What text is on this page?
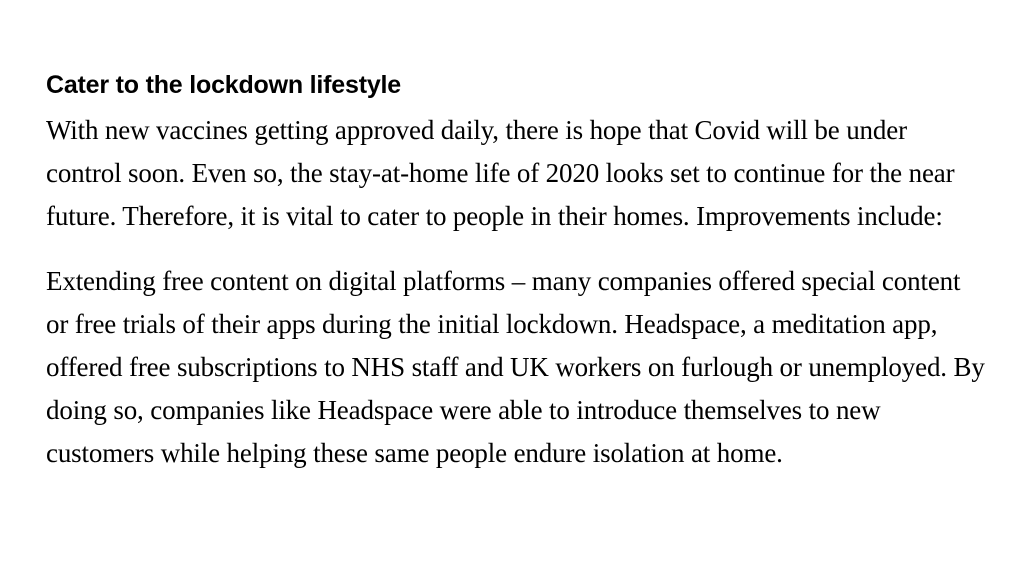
Cater to the lockdown lifestyle

With new vaccines getting approved daily, there is hope that Covid will be under control soon. Even so, the stay-at-home life of 2020 looks set to continue for the near future. Therefore, it is vital to cater to people in their homes. Improvements include:

Extending free content on digital platforms – many companies offered special content or free trials of their apps during the initial lockdown. Headspace, a meditation app, offered free subscriptions to NHS staff and UK workers on furlough or unemployed. By doing so, companies like Headspace were able to introduce themselves to new customers while helping these same people endure isolation at home.
